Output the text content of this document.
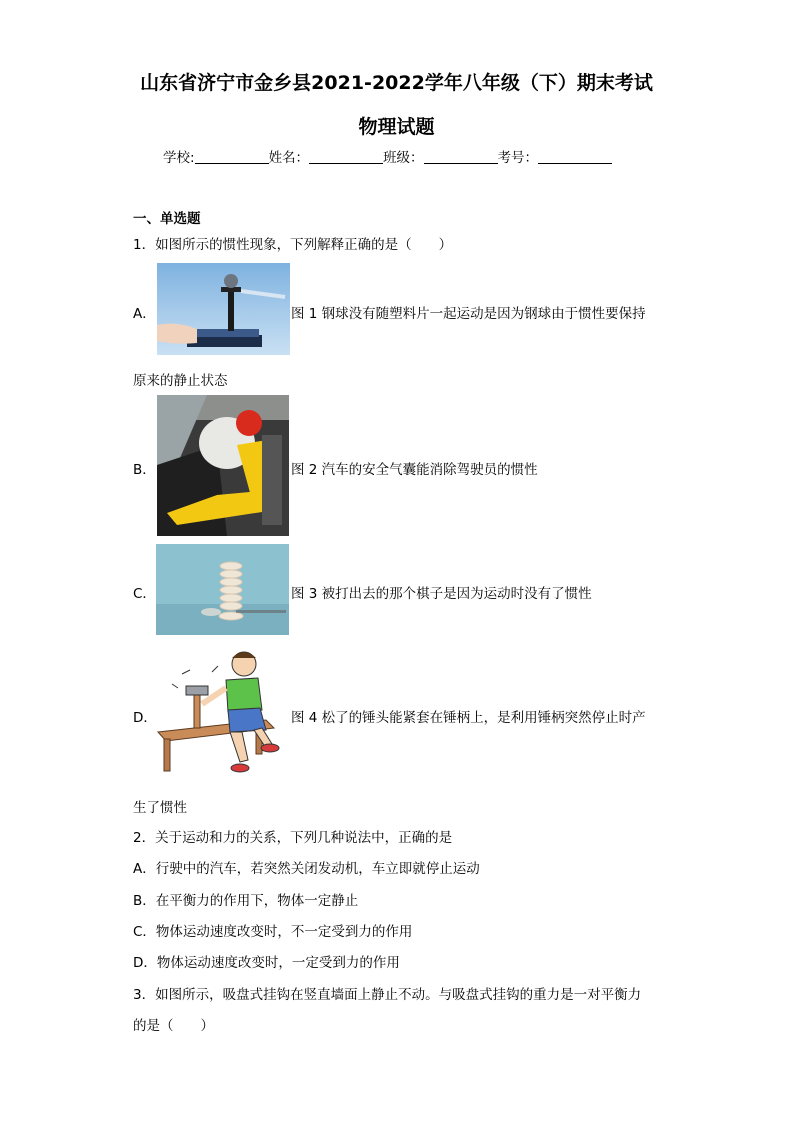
山东省济宁市金乡县2021-2022学年八年级（下）期末考试
物理试题
学校:	姓名：	班级：	考号：
一、单选题
1．如图所示的惯性现象，下列解释正确的是（　　）
A．	图 1 钢球没有随塑料片一起运动是因为钢球由于惯性要保持
原来的静止状态
B．	图 2 汽车的安全气囊能消除驾驶员的惯性
C．	图 3 被打出去的那个棋子是因为运动时没有了惯性
D．	图 4 松了的锤头能紧套在锤柄上，是利用锤柄突然停止时产
生了惯性
2．关于运动和力的关系，下列几种说法中，正确的是
A．行驶中的汽车，若突然关闭发动机，车立即就停止运动
B．在平衡力的作用下，物体一定静止
C．物体运动速度改变时，不一定受到力的作用
D．物体运动速度改变时，一定受到力的作用
3．如图所示，吸盘式挂钩在竖直墙面上静止不动。与吸盘式挂钩的重力是一对平衡力
的是（　　）
